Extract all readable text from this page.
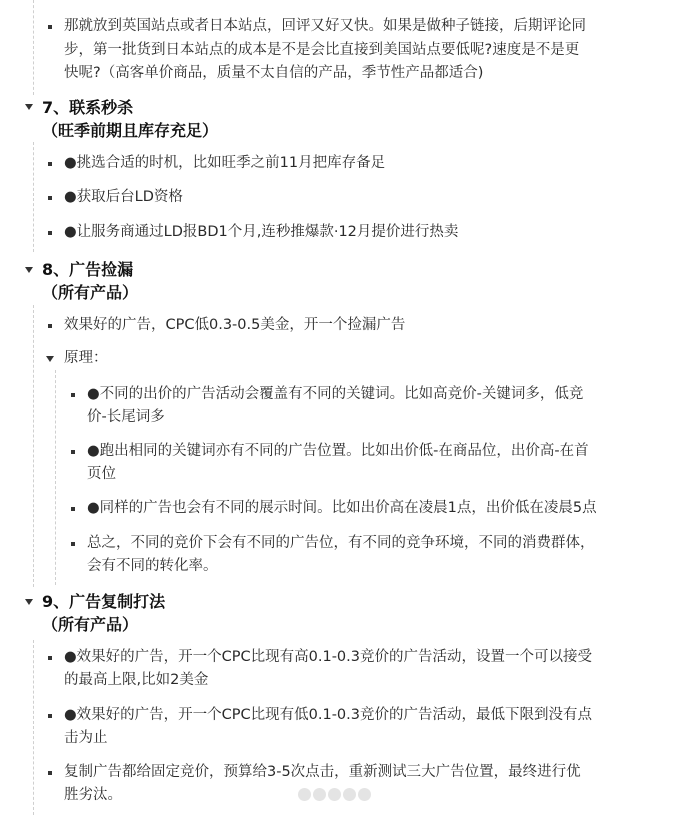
那就放到英国站点或者日本站点，回评又好又快。如果是做种子链接，后期评论同
步，第一批货到日本站点的成本是不是会比直接到美国站点要低呢?速度是不是更
快呢?（高客单价商品，质量不太自信的产品，季节性产品都适合)
7、联系秒杀
（旺季前期且库存充足）
●挑选合适的时机，比如旺季之前11月把库存备足
●获取后台LD资格
●让服务商通过LD报BD1个月,连秒推爆款·12月提价进行热卖
8、广告捡漏
（所有产品）
效果好的广告，CPC低0.3-0.5美金，开一个捡漏广告
原理：
●不同的出价的广告活动会覆盖有不同的关键词。比如高竞价-关键词多，低竞
价-长尾词多
●跑出相同的关键词亦有不同的广告位置。比如出价低-在商品位，出价高-在首
页位
●同样的广告也会有不同的展示时间。比如出价高在凌晨1点，出价低在凌晨5点
总之，不同的竞价下会有不同的广告位，有不同的竞争环境，不同的消费群体，
会有不同的转化率。
9、广告复制打法
（所有产品）
●效果好的广告，开一个CPC比现有高0.1-0.3竞价的广告活动，设置一个可以接受
的最高上限,比如2美金
●效果好的广告，开一个CPC比现有低0.1-0.3竞价的广告活动，最低下限到没有点
击为止
复制广告都给固定竞价，预算给3-5次点击，重新测试三大广告位置，最终进行优
胜劣汰。
